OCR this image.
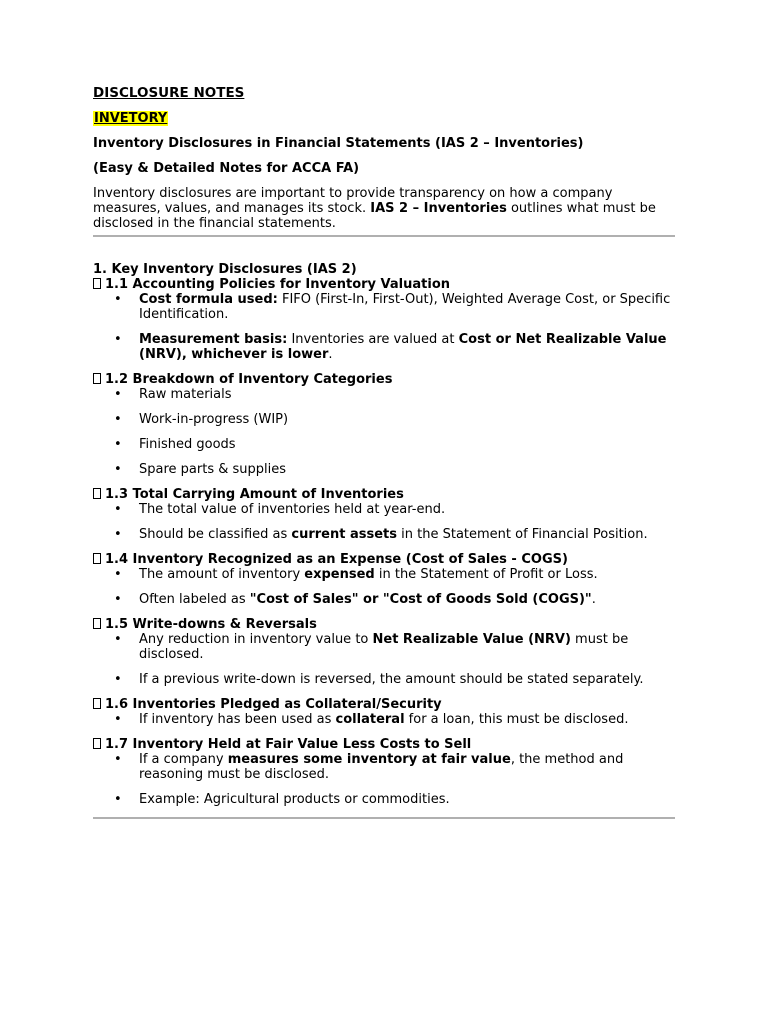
DISCLOSURE NOTES
INVETORY
Inventory Disclosures in Financial Statements (IAS 2 – Inventories)
(Easy & Detailed Notes for ACCA FA)

Inventory disclosures are important to provide transparency on how a company measures, values, and manages its stock. IAS 2 – Inventories outlines what must be disclosed in the financial statements.

1. Key Inventory Disclosures (IAS 2)
1.1 Accounting Policies for Inventory Valuation
• Cost formula used: FIFO (First-In, First-Out), Weighted Average Cost, or Specific Identification.
• Measurement basis: Inventories are valued at Cost or Net Realizable Value (NRV), whichever is lower.
1.2 Breakdown of Inventory Categories
• Raw materials
• Work-in-progress (WIP)
• Finished goods
• Spare parts & supplies
1.3 Total Carrying Amount of Inventories
• The total value of inventories held at year-end.
• Should be classified as current assets in the Statement of Financial Position.
1.4 Inventory Recognized as an Expense (Cost of Sales - COGS)
• The amount of inventory expensed in the Statement of Profit or Loss.
• Often labeled as "Cost of Sales" or "Cost of Goods Sold (COGS)".
1.5 Write-downs & Reversals
• Any reduction in inventory value to Net Realizable Value (NRV) must be disclosed.
• If a previous write-down is reversed, the amount should be stated separately.
1.6 Inventories Pledged as Collateral/Security
• If inventory has been used as collateral for a loan, this must be disclosed.
1.7 Inventory Held at Fair Value Less Costs to Sell
• If a company measures some inventory at fair value, the method and reasoning must be disclosed.
• Example: Agricultural products or commodities.
